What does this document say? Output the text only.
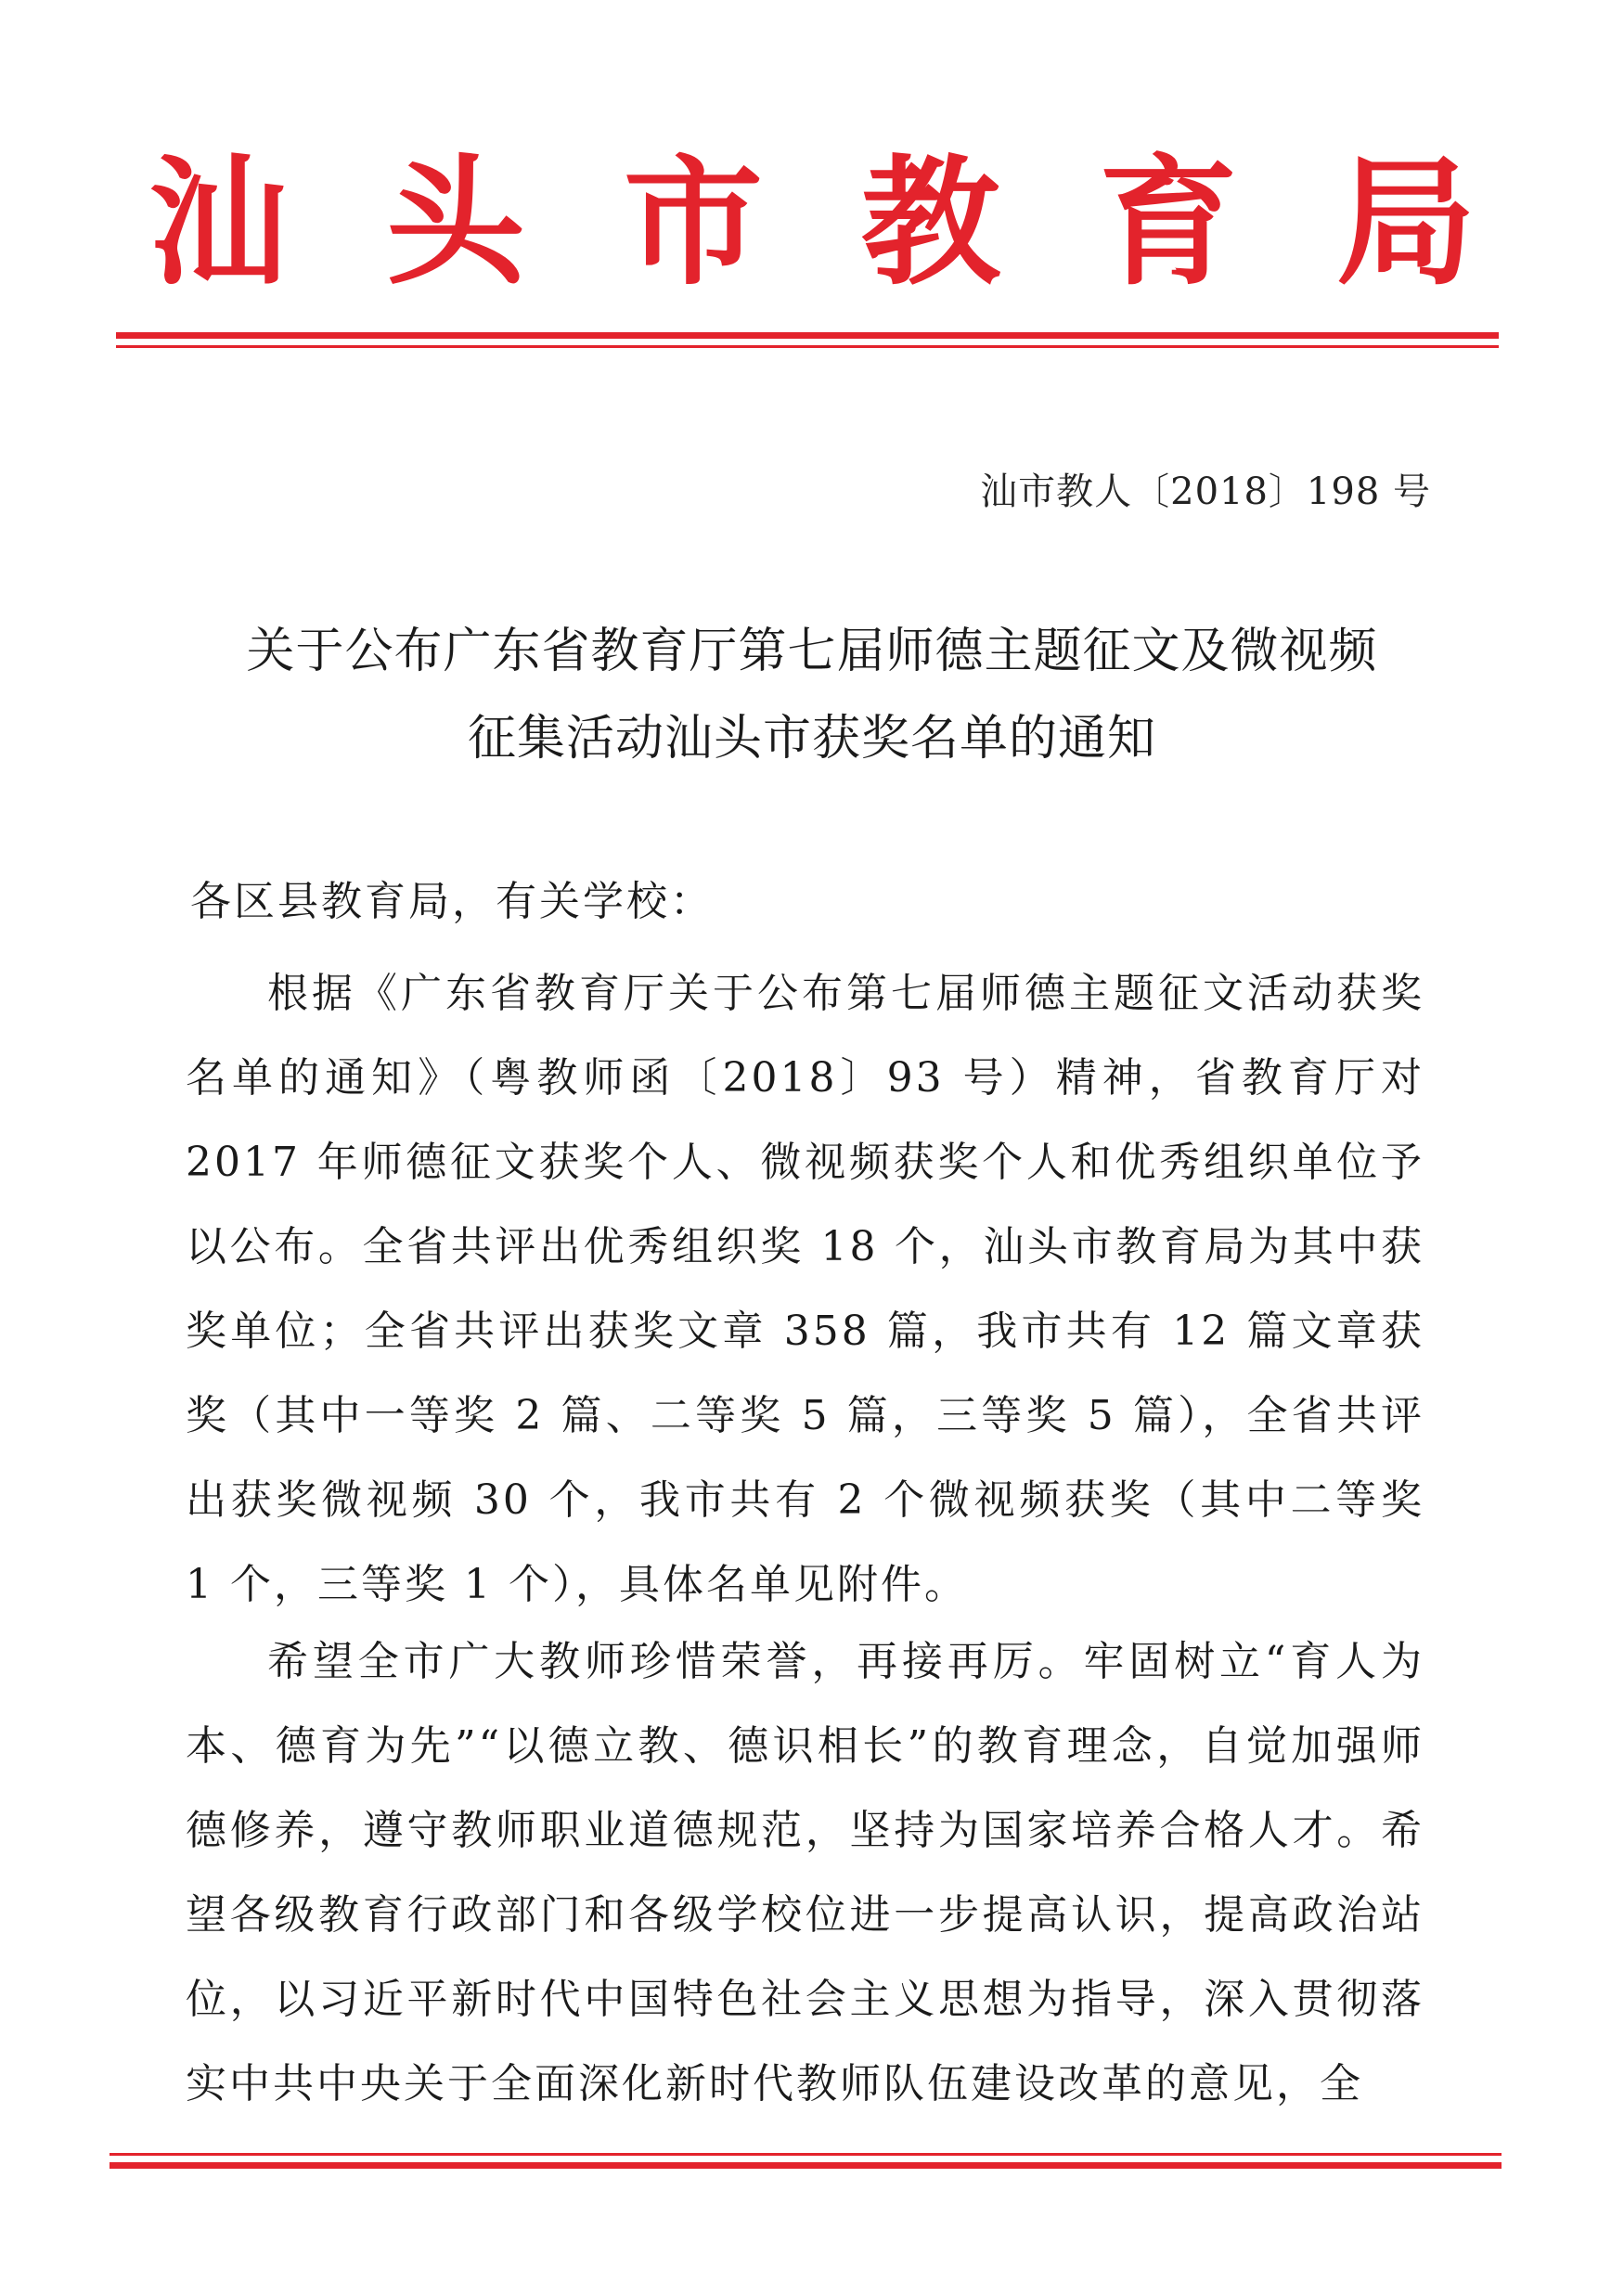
汕 头 市 教 育 局
汕市教人〔2018〕198 号
关于公布广东省教育厅第七届师德主题征文及微视频
征集活动汕头市获奖名单的通知
各区县教育局，有关学校：
根据《广东省教育厅关于公布第七届师德主题征文活动获奖名单的通知》（粤教师函〔2018〕93 号）精神，省教育厅对 2017 年师德征文获奖个人、微视频获奖个人和优秀组织单位予以公布。全省共评出优秀组织奖 18 个，汕头市教育局为其中获奖单位；全省共评出获奖文章 358 篇，我市共有 12 篇文章获奖（其中一等奖 2 篇、二等奖 5 篇，三等奖 5 篇），全省共评出获奖微视频 30 个，我市共有 2 个微视频获奖（其中二等奖 1 个，三等奖 1 个），具体名单见附件。
希望全市广大教师珍惜荣誉，再接再厉。牢固树立“育人为本、德育为先”“以德立教、德识相长”的教育理念，自觉加强师德修养，遵守教师职业道德规范，坚持为国家培养合格人才。希望各级教育行政部门和各级学校位进一步提高认识，提高政治站位，以习近平新时代中国特色社会主义思想为指导，深入贯彻落实中共中央关于全面深化新时代教师队伍建设改革的意见，全
